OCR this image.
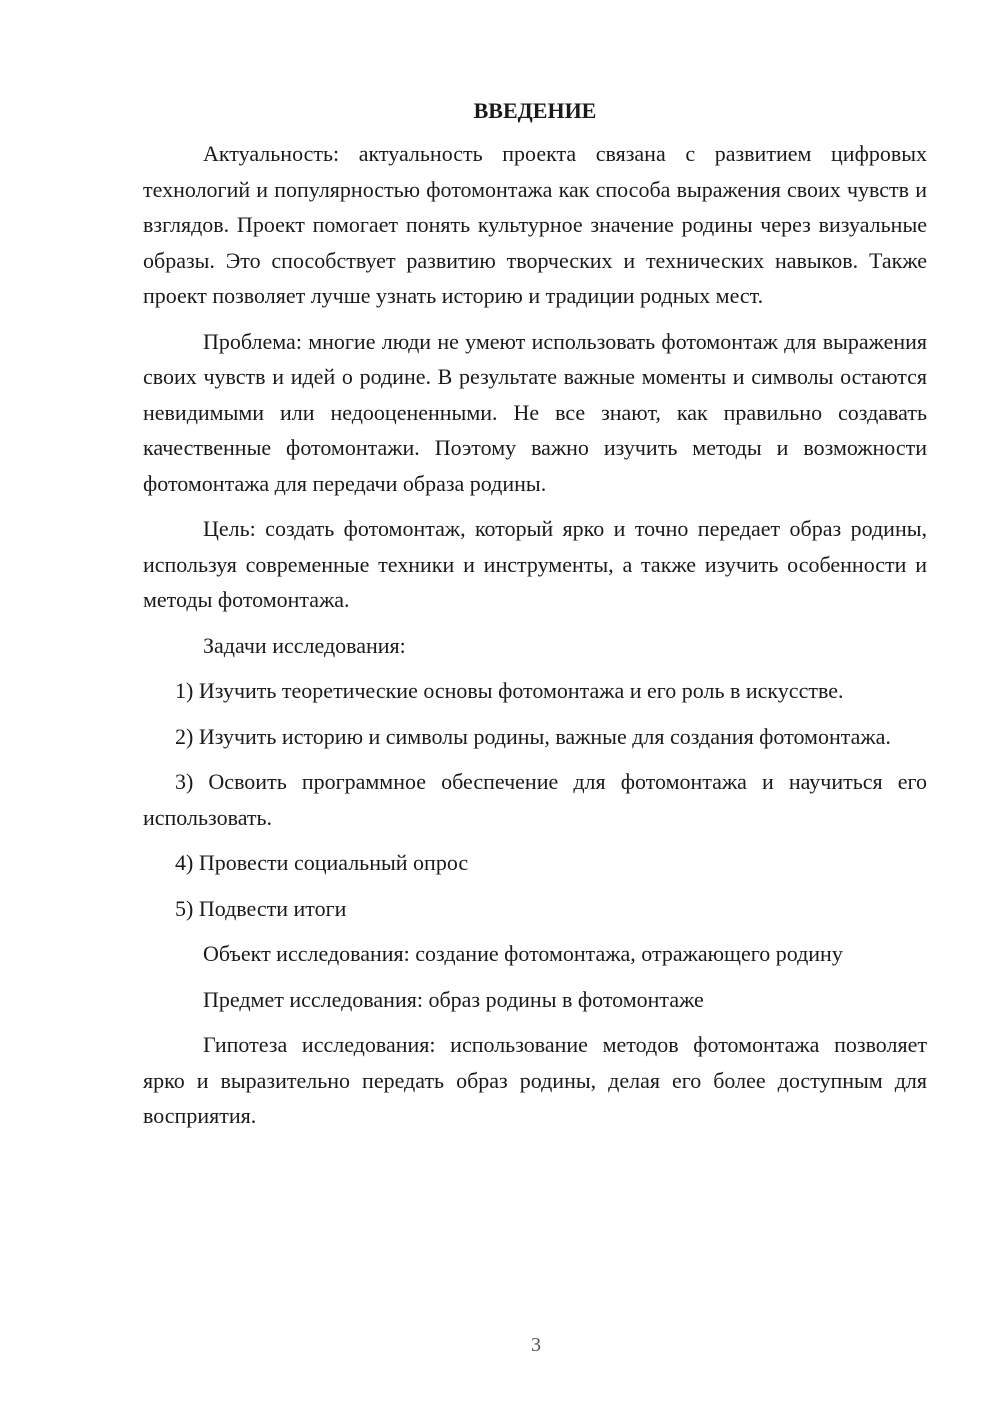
ВВЕДЕНИЕ

Актуальность: актуальность проекта связана с развитием цифровых технологий и популярностью фотомонтажа как способа выражения своих чувств и взглядов. Проект помогает понять культурное значение родины через визуальные образы. Это способствует развитию творческих и технических навыков. Также проект позволяет лучше узнать историю и традиции родных мест.

Проблема: многие люди не умеют использовать фотомонтаж для выражения своих чувств и идей о родине. В результате важные моменты и символы остаются невидимыми или недооцененными. Не все знают, как правильно создавать качественные фотомонтажи. Поэтому важно изучить методы и возможности фотомонтажа для передачи образа родины.

Цель: создать фотомонтаж, который ярко и точно передает образ родины, используя современные техники и инструменты, а также изучить особенности и методы фотомонтажа.

Задачи исследования:

1) Изучить теоретические основы фотомонтажа и его роль в искусстве.

2) Изучить историю и символы родины, важные для создания фотомонтажа.

3) Освоить программное обеспечение для фотомонтажа и научиться его использовать.

4) Провести социальный опрос

5) Подвести итоги

Объект исследования: создание фотомонтажа, отражающего родину

Предмет исследования: образ родины в фотомонтаже

Гипотеза исследования: использование методов фотомонтажа позволяет ярко и выразительно передать образ родины, делая его более доступным для восприятия.

3
